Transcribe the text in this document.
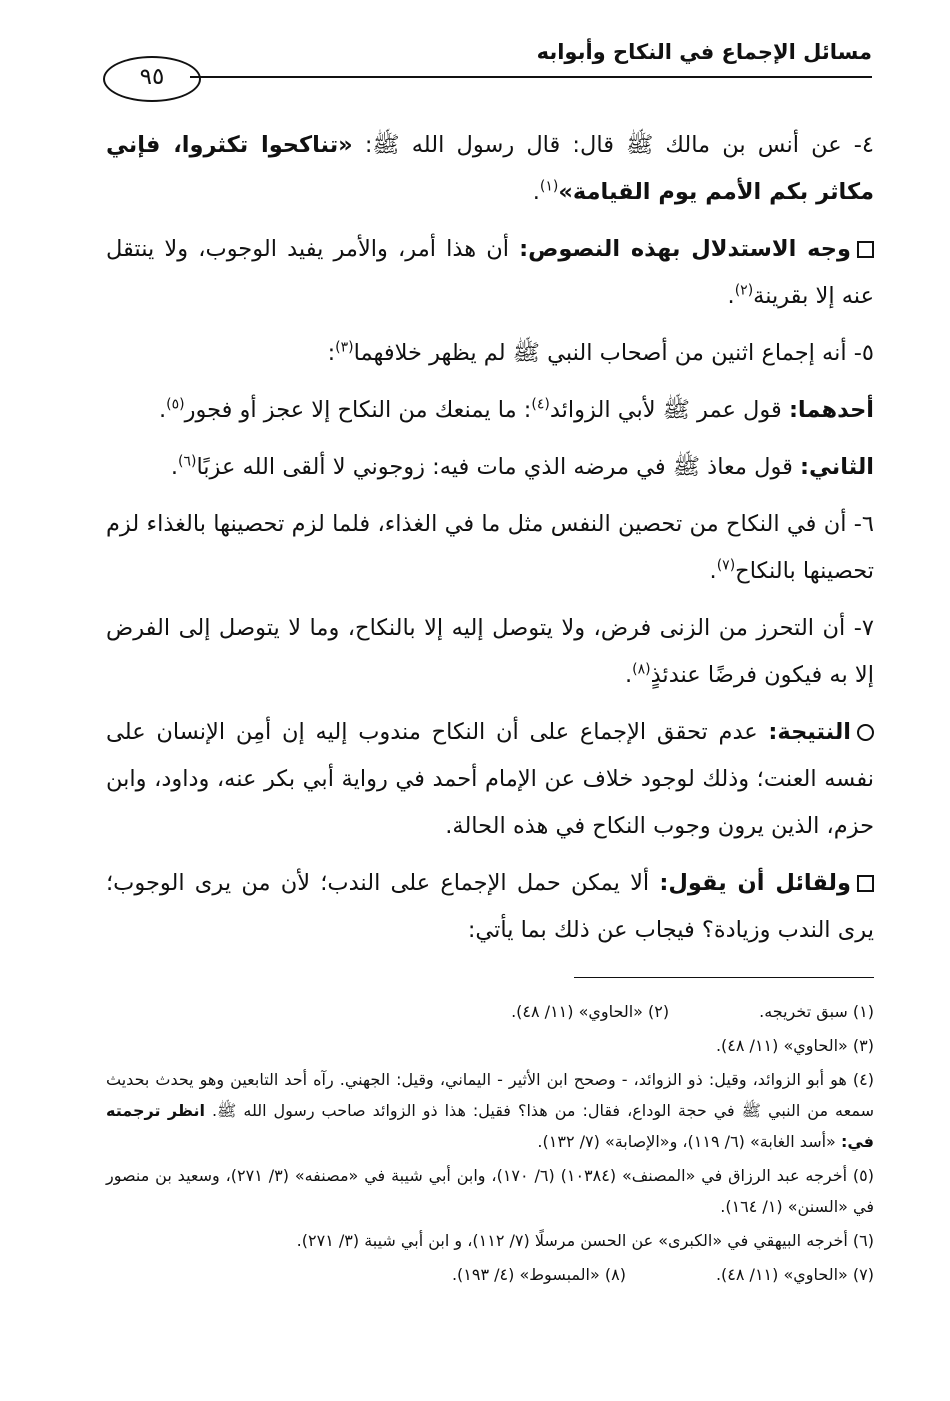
مسائل الإجماع في النكاح وأبوابه
٩٥

٤- عن أنس بن مالك ﷺ قال: قال رسول الله ﷺ: «تناكحوا تكثروا، فإني مكاثر بكم الأمم يوم القيامة»$^{(١)}$.

وجه الاستدلال بهذه النصوص: أن هذا أمر، والأمر يفيد الوجوب، ولا ينتقل عنه إلا بقرينة$^{(٢)}$.

٥- أنه إجماع اثنين من أصحاب النبي ﷺ لم يظهر خلافهما$^{(٣)}$:

أحدهما: قول عمر ﷺ لأبي الزوائد$^{(٤)}$: ما يمنعك من النكاح إلا عجز أو فجور$^{(٥)}$.

الثاني: قول معاذ ﷺ في مرضه الذي مات فيه: زوجوني لا ألقى الله عزبًا$^{(٦)}$.

٦- أن في النكاح من تحصين النفس مثل ما في الغذاء، فلما لزم تحصينها بالغذاء لزم تحصينها بالنكاح$^{(٧)}$.

٧- أن التحرز من الزنى فرض، ولا يتوصل إليه إلا بالنكاح، وما لا يتوصل إلى الفرض إلا به فيكون فرضًا عندئذٍ$^{(٨)}$.

النتيجة: عدم تحقق الإجماع على أن النكاح مندوب إليه إن أمِن الإنسان على نفسه العنت؛ وذلك لوجود خلاف عن الإمام أحمد في رواية أبي بكر عنه، وداود، وابن حزم، الذين يرون وجوب النكاح في هذه الحالة.

ولقائل أن يقول: ألا يمكن حمل الإجماع على الندب؛ لأن من يرى الوجوب؛ يرى الندب وزيادة؟ فيجاب عن ذلك بما يأتي:

(١) سبق تخريجه.(٢) «الحاوي» (١١/ ٤٨).

(٣) «الحاوي» (١١/ ٤٨).

(٤) هو أبو الزوائد، وقيل: ذو الزوائد، - وصحح ابن الأثير - اليماني، وقيل: الجهني. رآه أحد التابعين وهو يحدث بحديث سمعه من النبي ﷺ في حجة الوداع، فقال: من هذا؟ فقيل: هذا ذو الزوائد صاحب رسول الله ﷺ. انظر ترجمته في: «أسد الغابة» (٦/ ١١٩)، و«الإصابة» (٧/ ١٣٢).

(٥) أخرجه عبد الرزاق في «المصنف» (١٠٣٨٤) (٦/ ١٧٠)، وابن أبي شيبة في «مصنفه» (٣/ ٢٧١)، وسعيد بن منصور في «السنن» (١/ ١٦٤).

(٦) أخرجه البيهقي في «الكبرى» عن الحسن مرسلًا (٧/ ١١٢)، و ابن أبي شيبة (٣/ ٢٧١).

(٧) «الحاوي» (١١/ ٤٨).(٨) «المبسوط» (٤/ ١٩٣).
